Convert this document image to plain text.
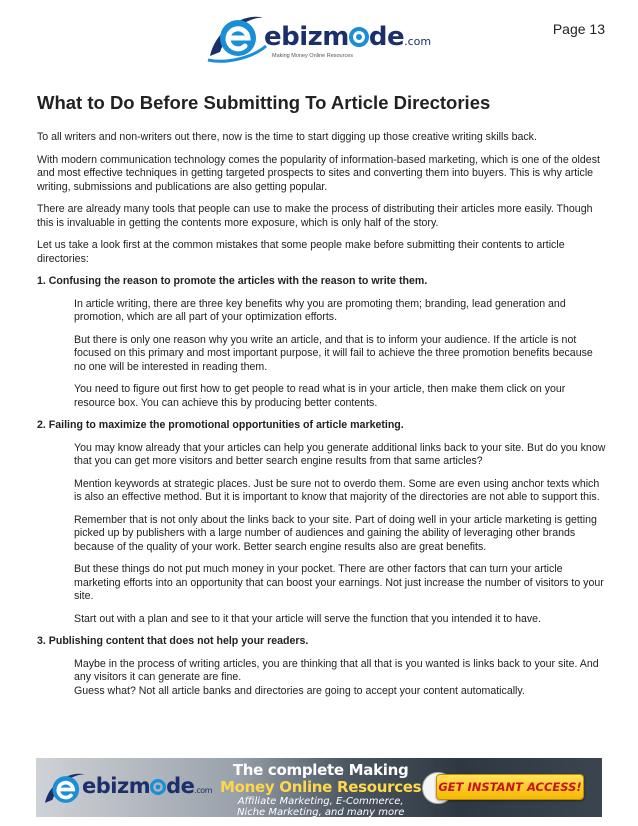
Page 13
ebizm de.com
Making Money Online Resources
What to Do Before Submitting To Article Directories

To all writers and non-writers out there, now is the time to start digging up those creative writing skills back.

With modern communication technology comes the popularity of information-based marketing, which is one of the oldest and most effective techniques in getting targeted prospects to sites and converting them into buyers. This is why article writing, submissions and publications are also getting popular.

There are already many tools that people can use to make the process of distributing their articles more easily. Though this is invaluable in getting the contents more exposure, which is only half of the story.

Let us take a look first at the common mistakes that some people make before submitting their contents to article directories:

1. Confusing the reason to promote the articles with the reason to write them.

In article writing, there are three key benefits why you are promoting them; branding, lead generation and promotion, which are all part of your optimization efforts.

But there is only one reason why you write an article, and that is to inform your audience. If the article is not focused on this primary and most important purpose, it will fail to achieve the three promotion benefits because no one will be interested in reading them.

You need to figure out first how to get people to read what is in your article, then make them click on your resource box. You can achieve this by producing better contents.

2. Failing to maximize the promotional opportunities of article marketing.

You may know already that your articles can help you generate additional links back to your site. But do you know that you can get more visitors and better search engine results from that same articles?

Mention keywords at strategic places. Just be sure not to overdo them. Some are even using anchor texts which is also an effective method. But it is important to know that majority of the directories are not able to support this.

Remember that is not only about the links back to your site. Part of doing well in your article marketing is getting picked up by publishers with a large number of audiences and gaining the ability of leveraging other brands because of the quality of your work. Better search engine results also are great benefits.

But these things do not put much money in your pocket. There are other factors that can turn your article marketing efforts into an opportunity that can boost your earnings. Not just increase the number of visitors to your site.

Start out with a plan and see to it that your article will serve the function that you intended it to have.

3. Publishing content that does not help your readers.

Maybe in the process of writing articles, you are thinking that all that is you wanted is links back to your site. And any visitors it can generate are fine.

Guess what? Not all article banks and directories are going to accept your content automatically.

ebizm de.com
The complete Making
Money Online Resources
Affiliate Marketing, E-Commerce,
Niche Marketing, and many more
GET INSTANT ACCESS!
